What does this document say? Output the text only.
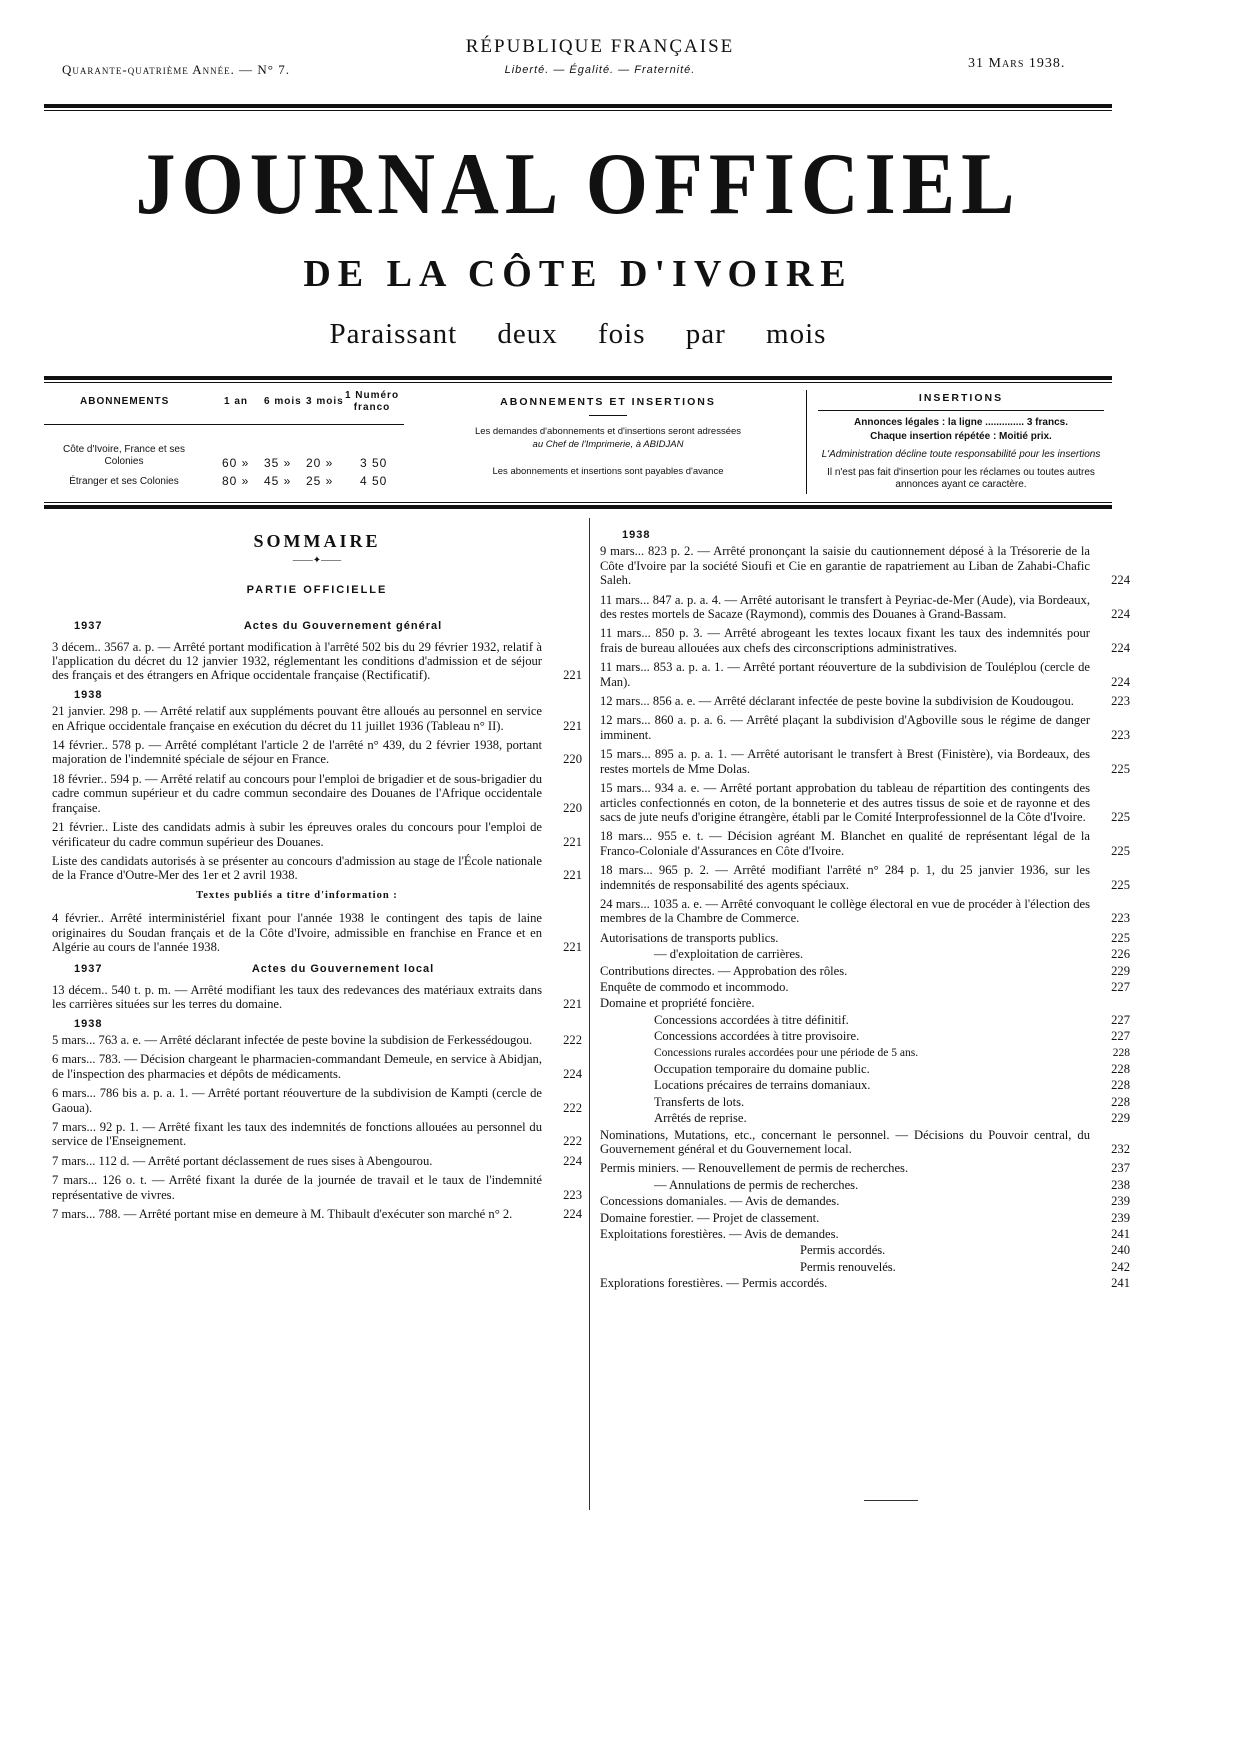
Quarante-quatrième Année. — N° 7.
RÉPUBLIQUE FRANÇAISE
Liberté. — Égalité. — Fraternité.	31 Mars 1938.
JOURNAL OFFICIEL
DE LA CÔTE D'IVOIRE
Paraissant deux fois par mois
ABONNEMENTS	1 an 6 mois 3 mois
1 Numéro franco
Côte d'Ivoire, France et ses Colonies	60 » 35 » 20 » 3 50
Étranger et ses Colonies	80 » 45 » 25 » 4 50
ABONNEMENTS ET INSERTIONS

Les demandes d'abonnements et d'insertions seront adressées

au Chef de l'Imprimerie, à ABIDJAN

Les abonnements et insertions sont payables d'avance

INSERTIONS

Annonces légales : la ligne .............. 3 francs.

Chaque insertion répétée : Moitié prix.

L'Administration décline toute responsabilité pour les insertions

Il n'est pas fait d'insertion pour les réclames ou toutes autres annonces ayant ce caractère.

SOMMAIRE
——✦——
PARTIE OFFICIELLE
1937	Actes du Gouvernement général
3 décem.. 3567 a. p. — Arrêté portant modification à l'arrêté 502 bis du 29 février 1932, relatif à l'application du décret du 12 janvier 1932, réglementant les conditions d'admission et de séjour des français et des étrangers en Afrique occidentale française (Rectificatif).	221
1938
21 janvier. 298 p. — Arrêté relatif aux suppléments pouvant être alloués au personnel en service en Afrique occidentale française en exécution du décret du 11 juillet 1936 (Tableau n° II).	221
14 février.. 578 p. — Arrêté complétant l'article 2 de l'arrêté n° 439, du 2 février 1938, portant majoration de l'indemnité spéciale de séjour en France.	220
18 février.. 594 p. — Arrêté relatif au concours pour l'emploi de brigadier et de sous-brigadier du cadre commun supérieur et du cadre commun secondaire des Douanes de l'Afrique occidentale française.	220
21 février.. Liste des candidats admis à subir les épreuves orales du concours pour l'emploi de vérificateur du cadre commun supérieur des Douanes.	221
Liste des candidats autorisés à se présenter au concours d'admission au stage de l'École nationale de la France d'Outre-Mer des 1er et 2 avril 1938.	221
Textes publiés a titre d'information :
4 février.. Arrêté interministériel fixant pour l'année 1938 le contingent des tapis de laine originaires du Soudan français et de la Côte d'Ivoire, admissible en franchise en France et en Algérie au cours de l'année 1938.	221
1937	Actes du Gouvernement local
13 décem.. 540 t. p. m. — Arrêté modifiant les taux des redevances des matériaux extraits dans les carrières situées sur les terres du domaine.	221
1938
5 mars... 763 a. e. — Arrêté déclarant infectée de peste bovine la subdision de Ferkessédougou.	222
6 mars... 783. — Décision chargeant le pharmacien-commandant Demeule, en service à Abidjan, de l'inspection des pharmacies et dépôts de médicaments.	224
6 mars... 786 bis a. p. a. 1. — Arrêté portant réouverture de la subdivision de Kampti (cercle de Gaoua).	222
7 mars... 92 p. 1. — Arrêté fixant les taux des indemnités de fonctions allouées au personnel du service de l'Enseignement.	222
7 mars... 112 d. — Arrêté portant déclassement de rues sises à Abengourou.	224
7 mars... 126 o. t. — Arrêté fixant la durée de la journée de travail et le taux de l'indemnité représentative de vivres.	223
7 mars... 788. — Arrêté portant mise en demeure à M. Thibault d'exécuter son marché n° 2.	224
1938
9 mars... 823 p. 2. — Arrêté prononçant la saisie du cautionnement déposé à la Trésorerie de la Côte d'Ivoire par la société Sioufi et Cie en garantie de rapatriement au Liban de Zahabi-Chafic Saleh.	224
11 mars... 847 a. p. a. 4. — Arrêté autorisant le transfert à Peyriac-de-Mer (Aude), via Bordeaux, des restes mortels de Sacaze (Raymond), commis des Douanes à Grand-Bassam.	224
11 mars... 850 p. 3. — Arrêté abrogeant les textes locaux fixant les taux des indemnités pour frais de bureau allouées aux chefs des circonscriptions administratives.	224
11 mars... 853 a. p. a. 1. — Arrêté portant réouverture de la subdivision de Touléplou (cercle de Man).	224
12 mars... 856 a. e. — Arrêté déclarant infectée de peste bovine la subdivision de Koudougou.	223
12 mars... 860 a. p. a. 6. — Arrêté plaçant la subdivision d'Agboville sous le régime de danger imminent.	223
15 mars... 895 a. p. a. 1. — Arrêté autorisant le transfert à Brest (Finistère), via Bordeaux, des restes mortels de Mme Dolas.	225
15 mars... 934 a. e. — Arrêté portant approbation du tableau de répartition des contingents des articles confectionnés en coton, de la bonneterie et des autres tissus de soie et de rayonne et des sacs de jute neufs d'origine étrangère, établi par le Comité Interprofessionnel de la Côte d'Ivoire.	225
18 mars... 955 e. t. — Décision agréant M. Blanchet en qualité de représentant légal de la Franco-Coloniale d'Assurances en Côte d'Ivoire.	225
18 mars... 965 p. 2. — Arrêté modifiant l'arrêté n° 284 p. 1, du 25 janvier 1936, sur les indemnités de responsabilité des agents spéciaux.	225
24 mars... 1035 a. e. — Arrêté convoquant le collège électoral en vue de procéder à l'élection des membres de la Chambre de Commerce.	223
Autorisations de transports publics.	225
— d'exploitation de carrières.	226
Contributions directes. — Approbation des rôles.	229
Enquête de commodo et incommodo.	227
Domaine et propriété foncière.
Concessions accordées à titre définitif.	227
Concessions accordées à titre provisoire.	227
Concessions rurales accordées pour une période de 5 ans.	228
Occupation temporaire du domaine public.	228
Locations précaires de terrains domaniaux.	228
Transferts de lots.	228
Arrêtés de reprise.	229
Nominations, Mutations, etc., concernant le personnel. — Décisions du Pouvoir central, du Gouvernement général et du Gouvernement local.	232
Permis miniers. — Renouvellement de permis de recherches.	237
— Annulations de permis de recherches.	238
Concessions domaniales. — Avis de demandes.	239
Domaine forestier. — Projet de classement.	239
Exploitations forestières. — Avis de demandes.	241
Permis accordés.	240
Permis renouvelés.	242
Explorations forestières. — Permis accordés.	241
